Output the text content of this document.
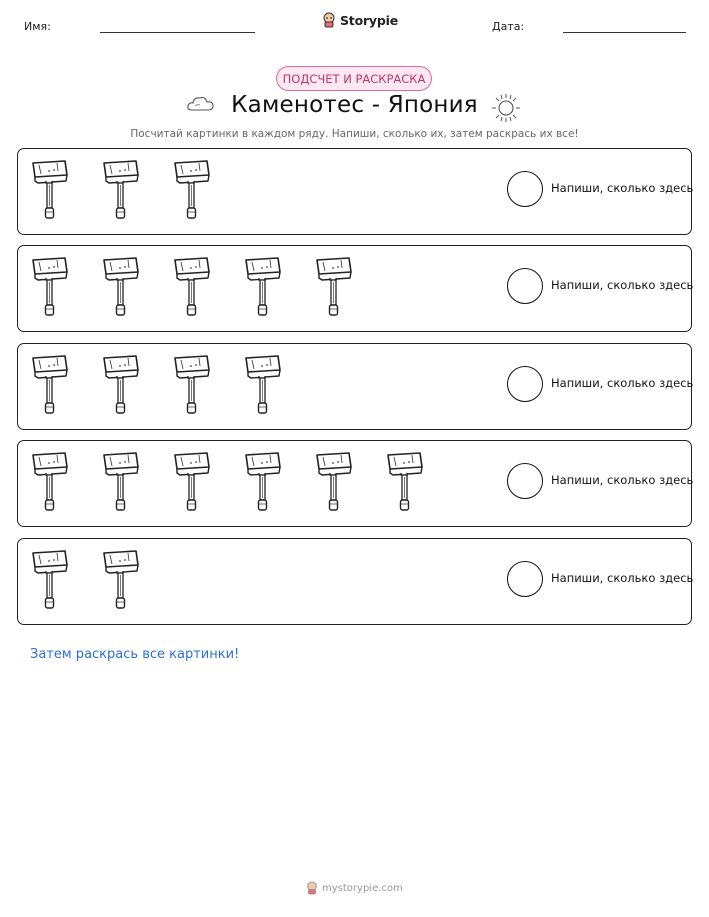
Имя:	Storypie	Дата:
ПОДСЧЕТ И РАСКРАСКА
Каменотес - Япония
Посчитай картинки в каждом ряду. Напиши, сколько их, затем раскрась их все!
Напиши, сколько здесь
Напиши, сколько здесь
Напиши, сколько здесь
Напиши, сколько здесь
Напиши, сколько здесь
Затем раскрась все картинки!
mystorypie.com
